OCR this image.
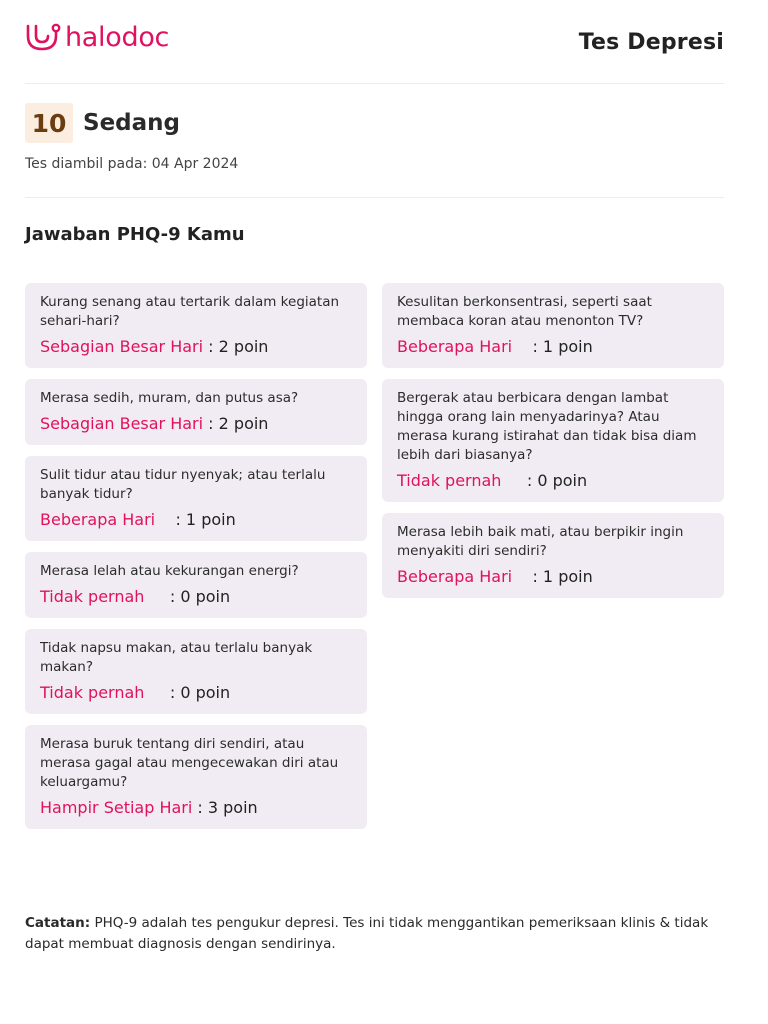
halodoc	Tes Depresi
10 Sedang
Tes diambil pada: 04 Apr 2024
Jawaban PHQ-9 Kamu
Kurang senang atau tertarik dalam kegiatan sehari-hari?
Sebagian Besar Hari : 2 poin
Merasa sedih, muram, dan putus asa?
Sebagian Besar Hari : 2 poin
Sulit tidur atau tidur nyenyak; atau terlalu banyak tidur?
Beberapa Hari : 1 poin
Merasa lelah atau kekurangan energi?
Tidak pernah : 0 poin
Tidak napsu makan, atau terlalu banyak makan?
Tidak pernah : 0 poin
Merasa buruk tentang diri sendiri, atau merasa gagal atau mengecewakan diri atau keluargamu?
Hampir Setiap Hari : 3 poin
Kesulitan berkonsentrasi, seperti saat membaca koran atau menonton TV?
Beberapa Hari : 1 poin
Bergerak atau berbicara dengan lambat hingga orang lain menyadarinya? Atau merasa kurang istirahat dan tidak bisa diam lebih dari biasanya?
Tidak pernah : 0 poin
Merasa lebih baik mati, atau berpikir ingin menyakiti diri sendiri?
Beberapa Hari : 1 poin
Catatan: PHQ-9 adalah tes pengukur depresi. Tes ini tidak menggantikan pemeriksaan klinis & tidak dapat membuat diagnosis dengan sendirinya.
